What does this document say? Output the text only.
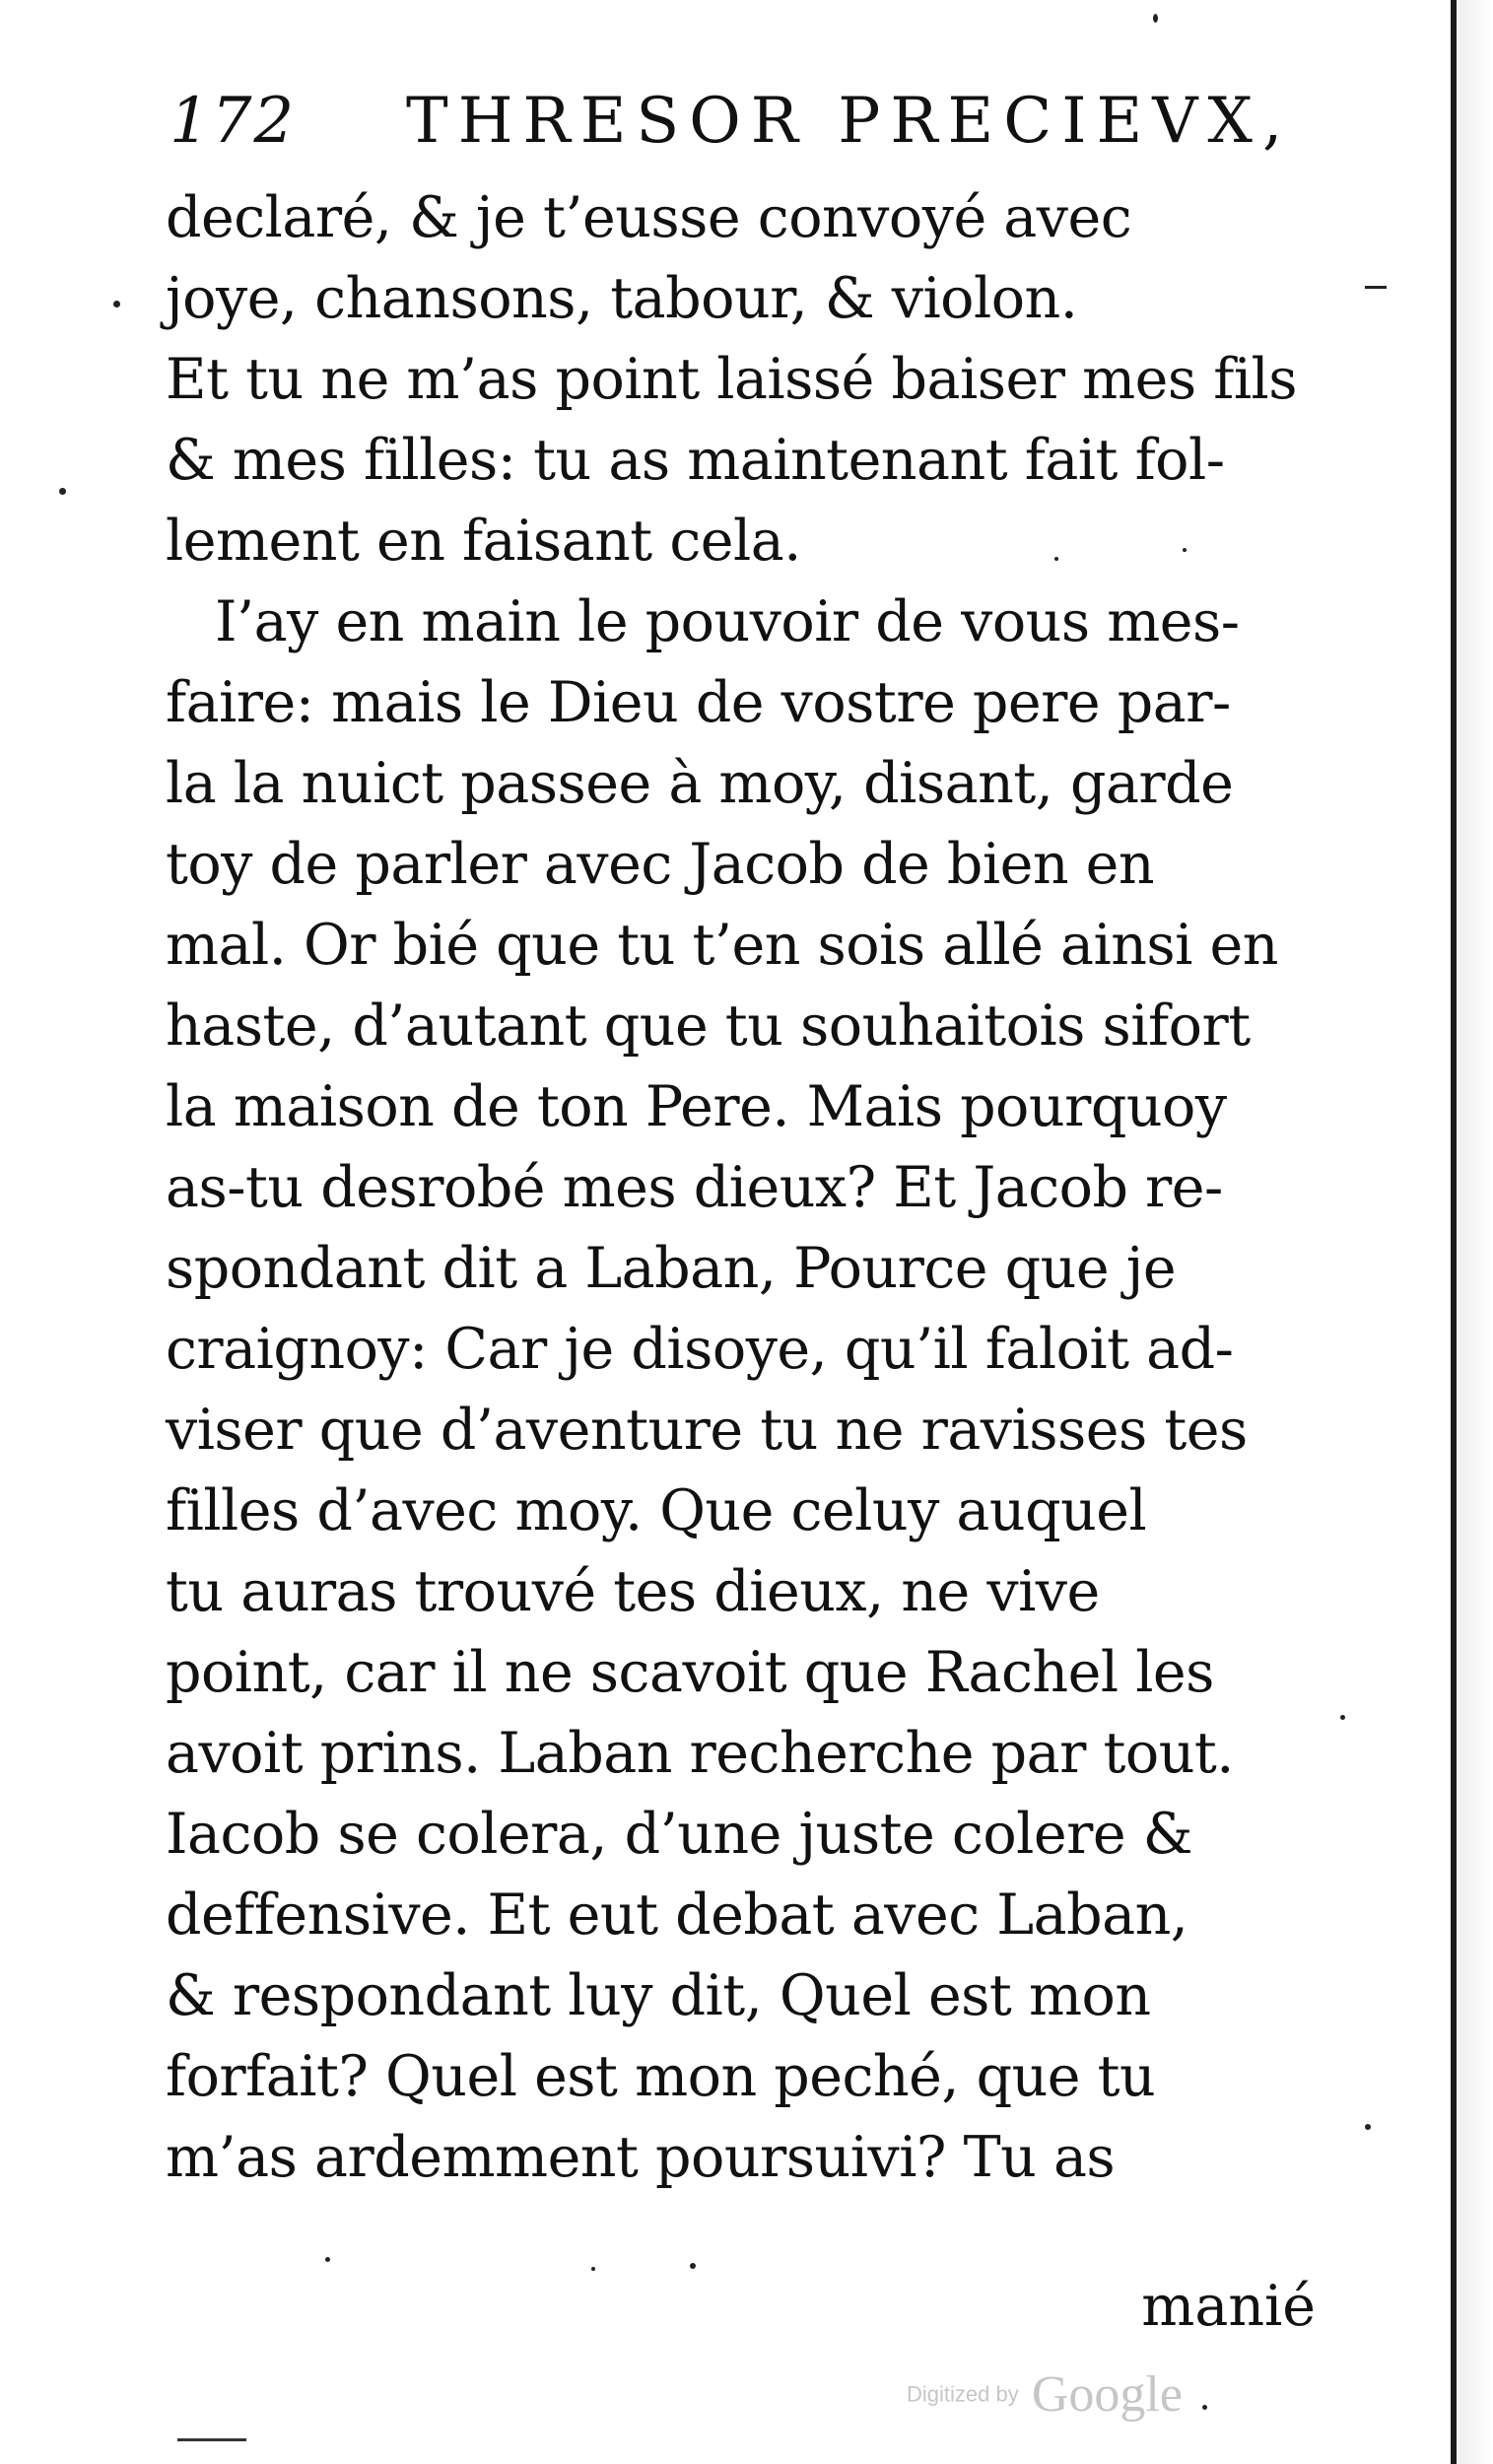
172 THRESOR PRECIEVX,
declaré, & je t’eusse convoyé avec
joye, chansons, tabour, & violon.
Et tu ne m’as point laissé baiser mes fils
& mes filles: tu as maintenant fait fol-
lement en faisant cela.
I’ay en main le pouvoir de vous mes-
faire: mais le Dieu de vostre pere par-
la la nuict passee à moy, disant, garde
toy de parler avec Jacob de bien en
mal. Or bié que tu t’en sois allé ainsi en
haste, d’autant que tu souhaitois sifort
la maison de ton Pere. Mais pourquoy
as-tu desrobé mes dieux? Et Jacob re-
spondant dit a Laban, Pource que je
craignoy: Car je disoye, qu’il faloit ad-
viser que d’aventure tu ne ravisses tes
filles d’avec moy. Que celuy auquel
tu auras trouvé tes dieux, ne vive
point, car il ne scavoit que Rachel les
avoit prins. Laban recherche par tout.
Iacob se colera, d’une juste colere &
deffensive. Et eut debat avec Laban,
& respondant luy dit, Quel est mon
forfait? Quel est mon peché, que tu
m’as ardemment poursuivi? Tu as
manié
Digitized by Google
